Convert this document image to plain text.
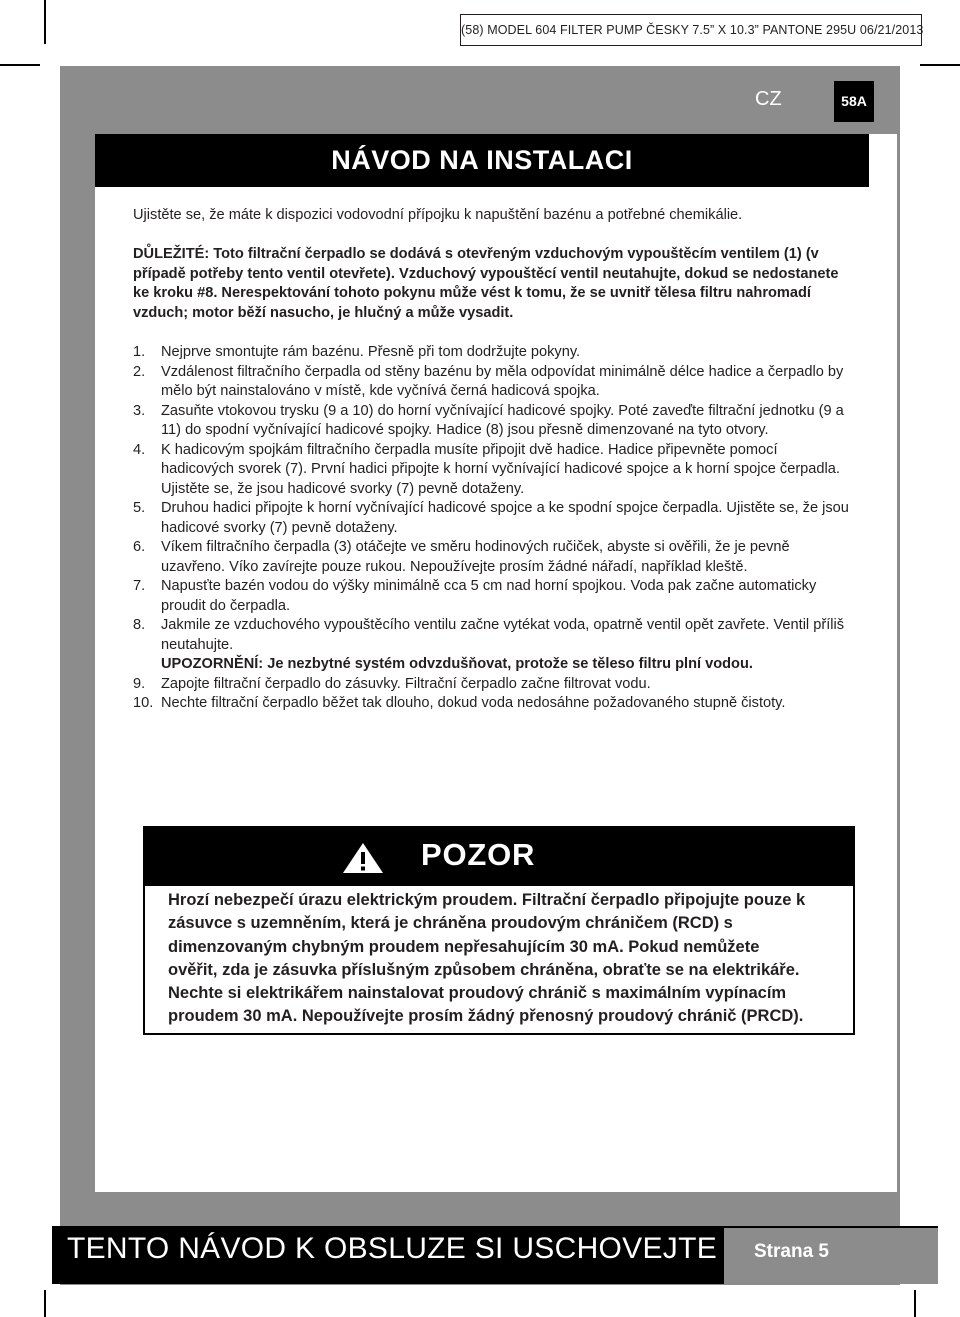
(58) MODEL 604 FILTER PUMP ČESKY 7.5” X 10.3” PANTONE 295U 06/21/2013
CZ	58A
NÁVOD NA INSTALACI
Ujistěte se, že máte k dispozici vodovodní přípojku k napuštění bazénu a potřebné chemikálie.
DŮLEŽITÉ: Toto filtrační čerpadlo se dodává s otevřeným vzduchovým vypouštěcím ventilem (1) (v případě potřeby tento ventil otevřete). Vzduchový vypouštěcí ventil neutahujte, dokud se nedostanete ke kroku #8. Nerespektování tohoto pokynu může vést k tomu, že se uvnitř tělesa filtru nahromadí vzduch; motor běží nasucho, je hlučný a může vysadit.
1. Nejprve smontujte rám bazénu. Přesně při tom dodržujte pokyny.
2. Vzdálenost filtračního čerpadla od stěny bazénu by měla odpovídat minimálně délce hadice a čerpadlo by mělo být nainstalováno v místě, kde vyčnívá černá hadicová spojka.
3. Zasuňte vtokovou trysku (9 a 10) do horní vyčnívající hadicové spojky. Poté zaveďte filtrační jednotku (9 a 11) do spodní vyčnívající hadicové spojky. Hadice (8) jsou přesně dimenzované na tyto otvory.
4. K hadicovým spojkám filtračního čerpadla musíte připojit dvě hadice. Hadice připevněte pomocí hadicových svorek (7). První hadici připojte k horní vyčnívající hadicové spojce a k horní spojce čerpadla. Ujistěte se, že jsou hadicové svorky (7) pevně dotaženy.
5. Druhou hadici připojte k horní vyčnívající hadicové spojce a ke spodní spojce čerpadla. Ujistěte se, že jsou hadicové svorky (7) pevně dotaženy.
6. Víkem filtračního čerpadla (3) otáčejte ve směru hodinových ručiček, abyste si ověřili, že je pevně uzavřeno. Víko zavírejte pouze rukou. Nepoužívejte prosím žádné nářadí, například kleště.
7. Napusťte bazén vodou do výšky minimálně cca 5 cm nad horní spojkou. Voda pak začne automaticky proudit do čerpadla.
8. Jakmile ze vzduchového vypouštěcího ventilu začne vytékat voda, opatrně ventil opět zavřete. Ventil příliš neutahujte.
UPOZORNĚNÍ: Je nezbytné systém odvzdušňovat, protože se těleso filtru plní vodou.
9. Zapojte filtrační čerpadlo do zásuvky. Filtrační čerpadlo začne filtrovat vodu.
10. Nechte filtrační čerpadlo běžet tak dlouho, dokud voda nedosáhne požadovaného stupně čistoty.
POZOR
Hrozí nebezpečí úrazu elektrickým proudem. Filtrační čerpadlo připojujte pouze k zásuvce s uzemněním, která je chráněna proudovým chráničem (RCD) s dimenzovaným chybným proudem nepřesahujícím 30 mA. Pokud nemůžete ověřit, zda je zásuvka příslušným způsobem chráněna, obraťte se na elektrikáře. Nechte si elektrikářem nainstalovat proudový chránič s maximálním vypínacím proudem 30 mA. Nepoužívejte prosím žádný přenosný proudový chránič (PRCD).
TENTO NÁVOD K OBSLUZE SI USCHOVEJTE	Strana 5
